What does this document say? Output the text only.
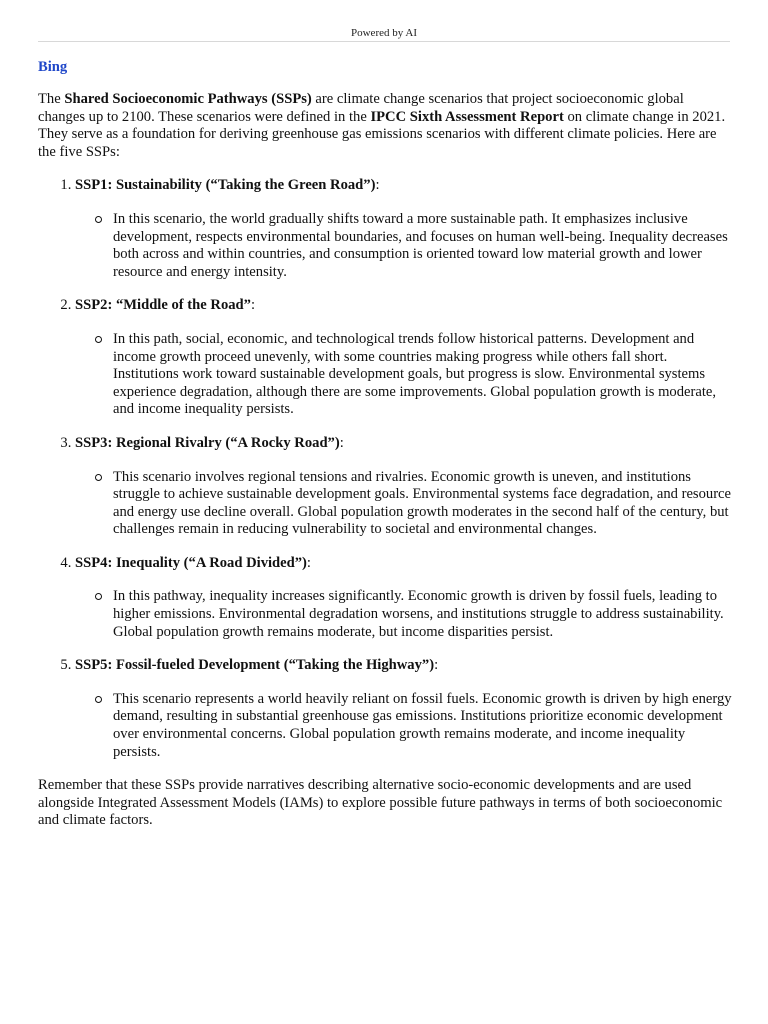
Powered by AI
Bing

The Shared Socioeconomic Pathways (SSPs) are climate change scenarios that project socioeconomic global changes up to 2100. These scenarios were defined in the IPCC Sixth Assessment Report on climate change in 2021. They serve as a foundation for deriving greenhouse gas emissions scenarios with different climate policies. Here are the five SSPs:

1. SSP1: Sustainability (“Taking the Green Road”):
In this scenario, the world gradually shifts toward a more sustainable path. It emphasizes inclusive development, respects environmental boundaries, and focuses on human well-being. Inequality decreases both across and within countries, and consumption is oriented toward low material growth and lower resource and energy intensity.
2. SSP2: “Middle of the Road”:
In this path, social, economic, and technological trends follow historical patterns. Development and income growth proceed unevenly, with some countries making progress while others fall short. Institutions work toward sustainable development goals, but progress is slow. Environmental systems experience degradation, although there are some improvements. Global population growth is moderate, and income inequality persists.
3. SSP3: Regional Rivalry (“A Rocky Road”):
This scenario involves regional tensions and rivalries. Economic growth is uneven, and institutions struggle to achieve sustainable development goals. Environmental systems face degradation, and resource and energy use decline overall. Global population growth moderates in the second half of the century, but challenges remain in reducing vulnerability to societal and environmental changes.
4. SSP4: Inequality (“A Road Divided”):
In this pathway, inequality increases significantly. Economic growth is driven by fossil fuels, leading to higher emissions. Environmental degradation worsens, and institutions struggle to address sustainability. Global population growth remains moderate, but income disparities persist.
5. SSP5: Fossil-fueled Development (“Taking the Highway”):
This scenario represents a world heavily reliant on fossil fuels. Economic growth is driven by high energy demand, resulting in substantial greenhouse gas emissions. Institutions prioritize economic development over environmental concerns. Global population growth remains moderate, and income inequality persists.

Remember that these SSPs provide narratives describing alternative socio-economic developments and are used alongside Integrated Assessment Models (IAMs) to explore possible future pathways in terms of both socioeconomic and climate factors.
